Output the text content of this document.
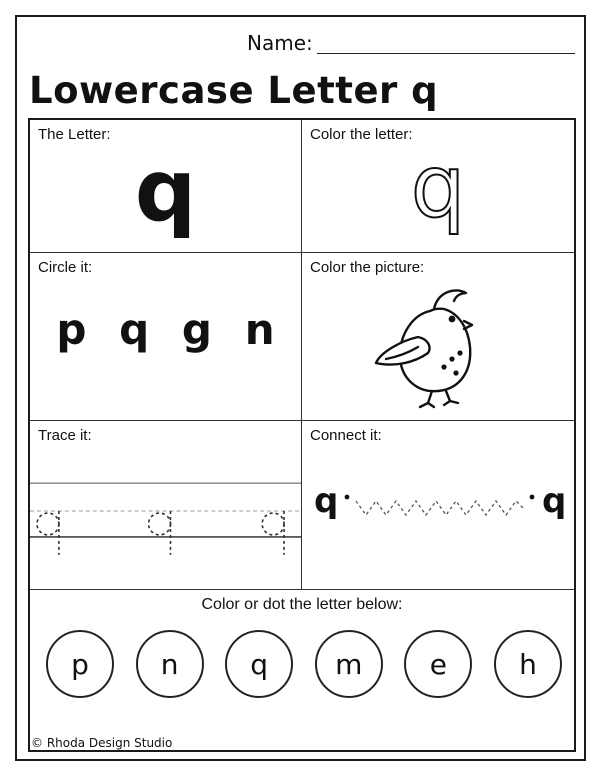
Name:
Lowercase Letter q
The Letter:
q
Color the letter:
q
Circle it:
p q g n
Color the picture:
Trace it:	Connect it:
q	q
Color or dot the letter below:
p	n	q	m	e	h
© Rhoda Design Studio
